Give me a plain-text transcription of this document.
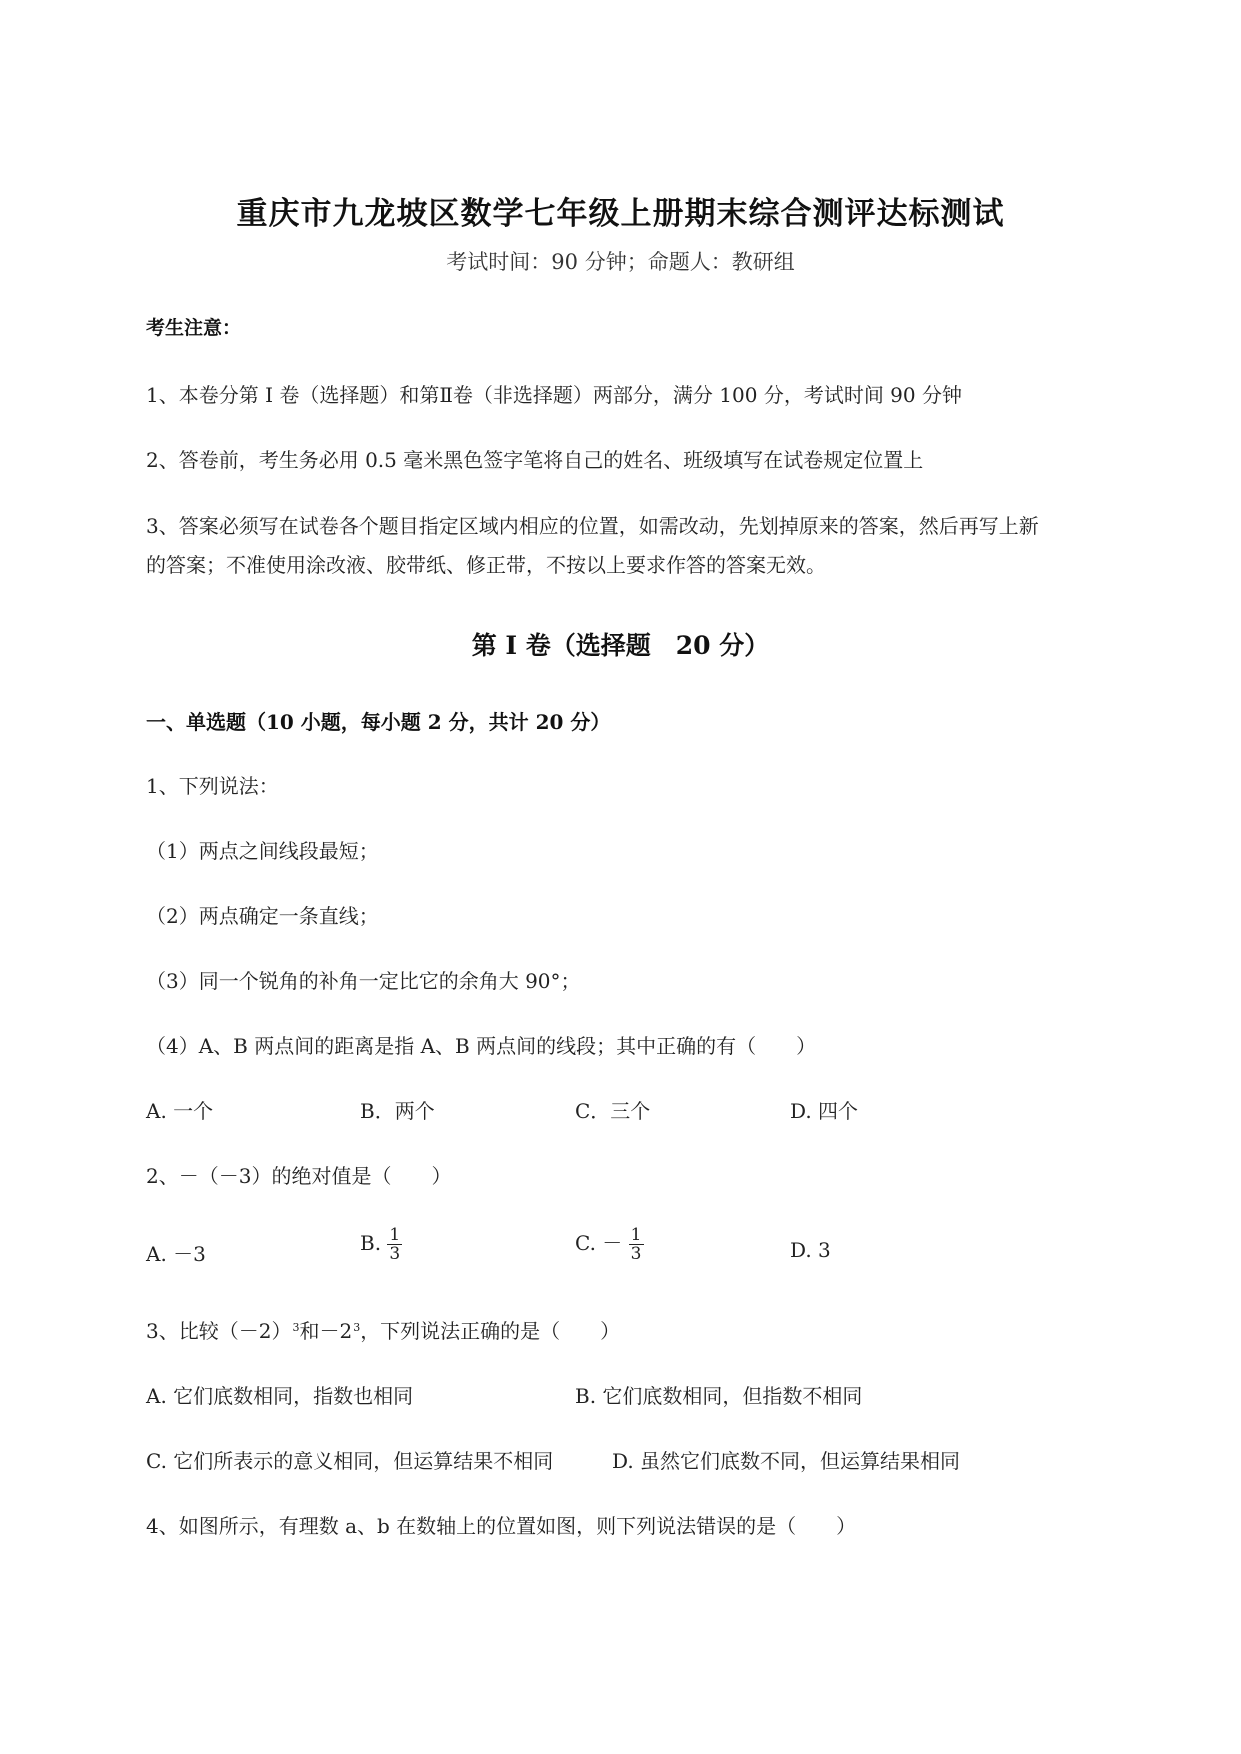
重庆市九龙坡区数学七年级上册期末综合测评达标测试
考试时间：90 分钟；命题人：教研组
考生注意：
1、本卷分第 I 卷（选择题）和第Ⅱ卷（非选择题）两部分，满分 100 分，考试时间 90 分钟
2、答卷前，考生务必用 0.5 毫米黑色签字笔将自己的姓名、班级填写在试卷规定位置上
3、答案必须写在试卷各个题目指定区域内相应的位置，如需改动，先划掉原来的答案，然后再写上新
的答案；不准使用涂改液、胶带纸、修正带，不按以上要求作答的答案无效。
第 I 卷（选择题　20 分）
一、单选题（10 小题，每小题 2 分，共计 20 分）
1、下列说法：
（1）两点之间线段最短；
（2）两点确定一条直线；
（3）同一个锐角的补角一定比它的余角大 90°；
（4）A、B 两点间的距离是指 A、B 两点间的线段；其中正确的有（　　）
A. 一个	B．两个	C．三个	D. 四个
2、－（－3）的绝对值是（　　）
A. －3	B. $\frac{1}{3}$	C. － $\frac{1}{3}$	D. 3
3、比较$(-2)^3$和$-2^3$，下列说法正确的是（　　）
A. 它们底数相同，指数也相同	B. 它们底数相同，但指数不相同
C. 它们所表示的意义相同，但运算结果不相同	D. 虽然它们底数不同，但运算结果相同
4、如图所示，有理数 a、b 在数轴上的位置如图，则下列说法错误的是（　　）
